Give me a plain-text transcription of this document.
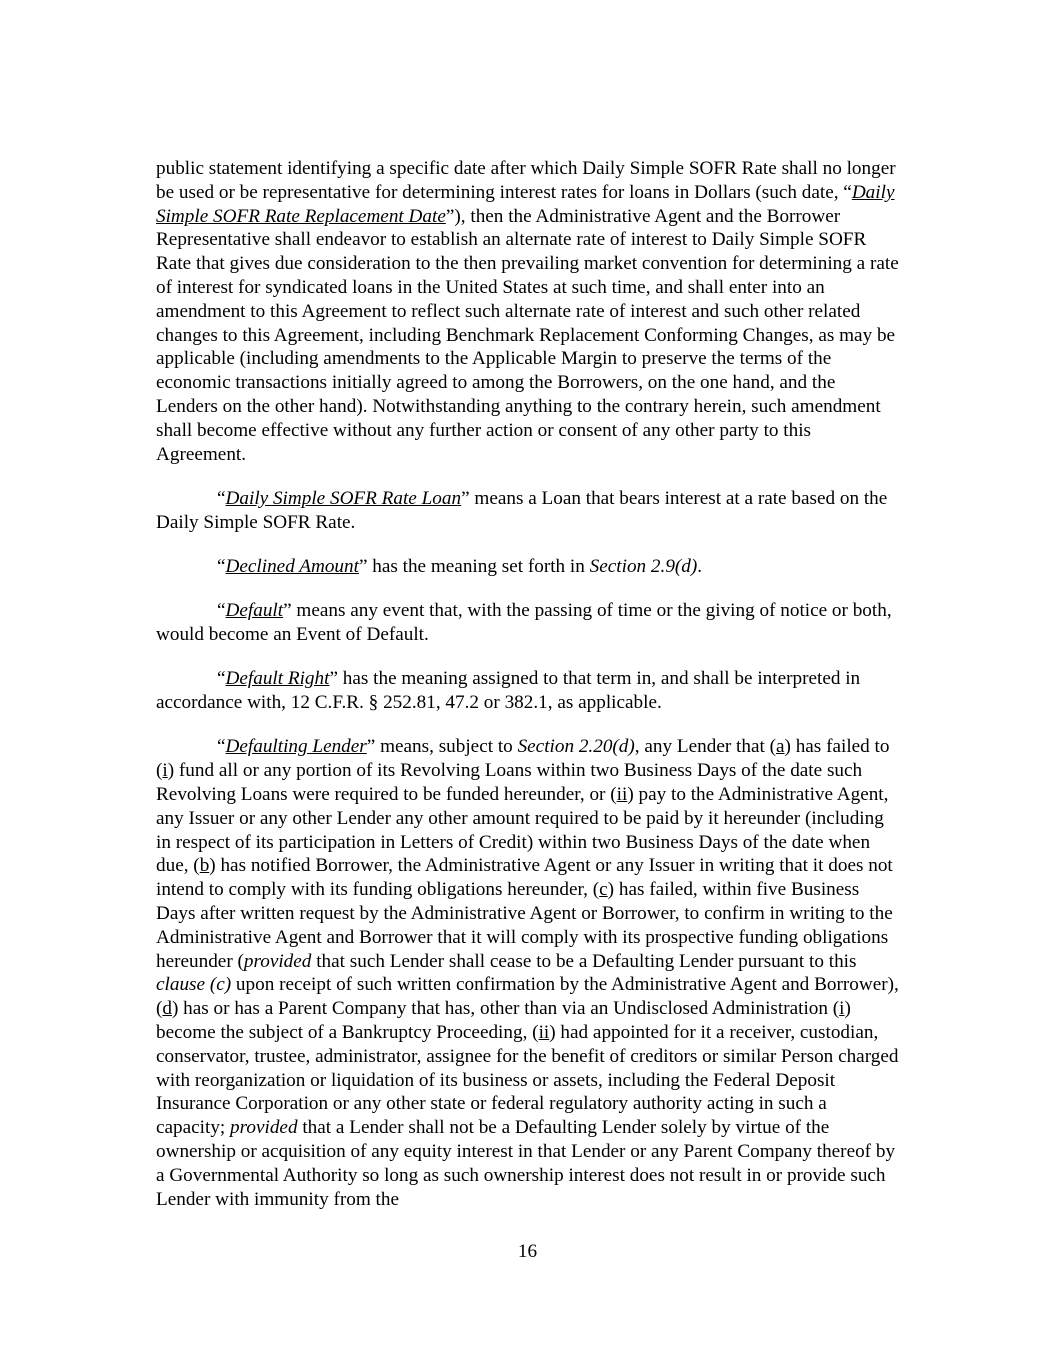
public statement identifying a specific date after which Daily Simple SOFR Rate shall no longer be used or be representative for determining interest rates for loans in Dollars (such date, “Daily Simple SOFR Rate Replacement Date”), then the Administrative Agent and the Borrower Representative shall endeavor to establish an alternate rate of interest to Daily Simple SOFR Rate that gives due consideration to the then prevailing market convention for determining a rate of interest for syndicated loans in the United States at such time, and shall enter into an amendment to this Agreement to reflect such alternate rate of interest and such other related changes to this Agreement, including Benchmark Replacement Conforming Changes, as may be applicable (including amendments to the Applicable Margin to preserve the terms of the economic transactions initially agreed to among the Borrowers, on the one hand, and the Lenders on the other hand). Notwithstanding anything to the contrary herein, such amendment shall become effective without any further action or consent of any other party to this Agreement.

“Daily Simple SOFR Rate Loan” means a Loan that bears interest at a rate based on the Daily Simple SOFR Rate.

“Declined Amount” has the meaning set forth in Section 2.9(d).

“Default” means any event that, with the passing of time or the giving of notice or both, would become an Event of Default.

“Default Right” has the meaning assigned to that term in, and shall be interpreted in accordance with, 12 C.F.R. § 252.81, 47.2 or 382.1, as applicable.

“Defaulting Lender” means, subject to Section 2.20(d), any Lender that (a) has failed to (i) fund all or any portion of its Revolving Loans within two Business Days of the date such Revolving Loans were required to be funded hereunder, or (ii) pay to the Administrative Agent, any Issuer or any other Lender any other amount required to be paid by it hereunder (including in respect of its participation in Letters of Credit) within two Business Days of the date when due, (b) has notified Borrower, the Administrative Agent or any Issuer in writing that it does not intend to comply with its funding obligations hereunder, (c) has failed, within five Business Days after written request by the Administrative Agent or Borrower, to confirm in writing to the Administrative Agent and Borrower that it will comply with its prospective funding obligations hereunder (provided that such Lender shall cease to be a Defaulting Lender pursuant to this clause (c) upon receipt of such written confirmation by the Administrative Agent and Borrower), (d) has or has a Parent Company that has, other than via an Undisclosed Administration (i) become the subject of a Bankruptcy Proceeding, (ii) had appointed for it a receiver, custodian, conservator, trustee, administrator, assignee for the benefit of creditors or similar Person charged with reorganization or liquidation of its business or assets, including the Federal Deposit Insurance Corporation or any other state or federal regulatory authority acting in such a capacity; provided that a Lender shall not be a Defaulting Lender solely by virtue of the ownership or acquisition of any equity interest in that Lender or any Parent Company thereof by a Governmental Authority so long as such ownership interest does not result in or provide such Lender with immunity from the

16
